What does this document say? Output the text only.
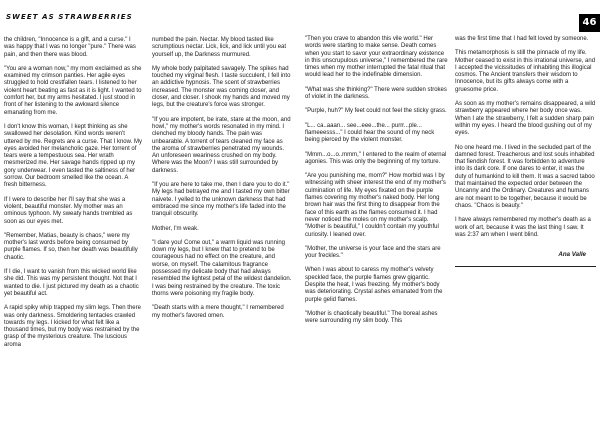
SWEET AS STRAWBERRIES	46

the children, "Innocence is a gift, and a curse." I was happy that I was no longer "pure." There was pain, and then there was blood.

"You are a woman now," my mom exclaimed as she examined my crimson panties. Her agile eyes struggled to hold crestfallen tears. I listened to her violent heart beating as fast as it is light. I wanted to comfort her, but my arms hesitated. I just stood in front of her listening to the awkward silence emanating from me.

I don't know this woman, I kept thinking as she swallowed her desolation. Kind words weren't uttered by me. Regrets are a curse. That I know. My eyes avoided her melancholic gaze. Her torrent of tears were a tempestuous sea. Her wrath mesmerized me. Her savage hands ripped up my gory underwear. I even tasted the saltiness of her sorrow. Our bedroom smelled like the ocean. A fresh bitterness.

If I were to describe her I'll say that she was a violent, beautiful monster. My mother was an ominous typhoon. My sweaty hands trembled as soon as our eyes met.

"Remember, Matias, beauty is chaos," were my mother's last words before being consumed by purple flames. If so, then her death was beautifully chaotic.

If I die, I want to vanish from this wicked world like she did. This was my persistent thought. Not that I wanted to die. I just pictured my death as a chaotic yet beautiful act.

A rapid spiky whip trapped my slim legs. Then there was only darkness. Smoldering tentacles crawled towards my legs. I kicked for what felt like a thousand times, but my body was restrained by the grasp of the mysterious creature. The luscious aroma

numbed the pain. Nectar. My blood tasted like scrumptious nectar. Lick, lick, and lick until you eat yourself up, the Darkness murmured.

My whole body palpitated savagely. The spikes had touched my virginal flesh. I taste succulent, I fell into an addictive hypnosis. The scent of strawberries increased. The monster was coming closer, and closer, and closer. I shook my hands and moved my legs, but the creature's force was stronger.

"If you are impotent, be irate, stare at the moon, and howl," my mother's words resonated in my mind. I clenched my bloody hands. The pain was unbearable. A torrent of tears cleaned my face as the aroma of strawberries penetrated my wounds. An unforeseen weariness crushed on my body. Where was the Moon? I was still surrounded by darkness.

"If you are here to take me, then I dare you to do it." My legs had betrayed me and I tasted my own bitter naivete. I yelled to the unknown darkness that had embraced me since my mother's life faded into the tranquil obscurity.

Mother, I'm weak.

"I dare you! Come out," a warm liquid was running down my legs, but I knew that to pretend to be courageous had no effect on the creature, and worse, on myself. The calamitous fragrance possessed my delicate body that had always resembled the lightest petal of the wildest dandelion. I was being restrained by the creature. The toxic thorns were poisoning my fragile body.

"Death starts with a mere thought," I remembered my mother's favored omen.

"Then you crave to abandon this vile world." Her words were starting to make sense. Death comes when you start to savor your extraordinary existence in this unscrupulous universe," I remembered the rare times when my mother interrupted the fatal ritual that would lead her to the indefinable dimension.

"What was she thinking?" There were sudden strokes of violet in the darkness.

"Purple, huh?" My feet could not feel the sticky grass.

"L... ca..aaan... see...eee...the... purrr...ple... flameeesss..." I could hear the sound of my neck being pierced by the violent monster.

"Mmm...o...o..mmm," I entered to the realm of eternal agonies. This was only the beginning of my torture.

"Are you punishing me, mom?" How morbid was I by witnessing with sheer interest the end of my mother's culmination of life. My eyes fixated on the purple flames covering my mother's naked body. Her long brown hair was the first thing to disappear from the face of this earth as the flames consumed it. I had never noticed the moles on my mother's scalp. "Mother is beautiful," I couldn't contain my youthful curiosity. I leaned over.

"Mother, the universe is your face and the stars are your freckles."

When I was about to caress my mother's velvety speckled face, the purple flames grew gigantic. Despite the heat, I was freezing. My mother's body was deteriorating. Crystal ashes emanated from the purple gelid flames.

"Mother is chaotically beautiful." The boreal ashes were surrounding my slim body. This

was the first time that I had felt loved by someone.

This metamorphosis is still the pinnacle of my life. Mother ceased to exist in this irrational universe, and I accepted the vicissitudes of inhabiting this illogical cosmos. The Ancient transfers their wisdom to Innocence, but its gifts always come with a gruesome price.

As soon as my mother's remains disappeared, a wild strawberry appeared where her body once was. When I ate the strawberry, I felt a sudden sharp pain within my eyes. I heard the blood gushing out of my eyes.

No one heard me. I lived in the secluded part of the damned forest. Treacherous and lost souls inhabited that fiendish forest. It was forbidden to adventure into its dark core. If one dares to enter, it was the duty of humankind to kill them. It was a sacred taboo that maintained the expected order between the Uncanny and the Ordinary. Creatures and humans are not meant to be together, because it would be chaos. "Chaos is beauty."

I have always remembered my mother's death as a work of art, because it was the last thing I saw. It was 2:37 am when I went blind.

Ana Valle
